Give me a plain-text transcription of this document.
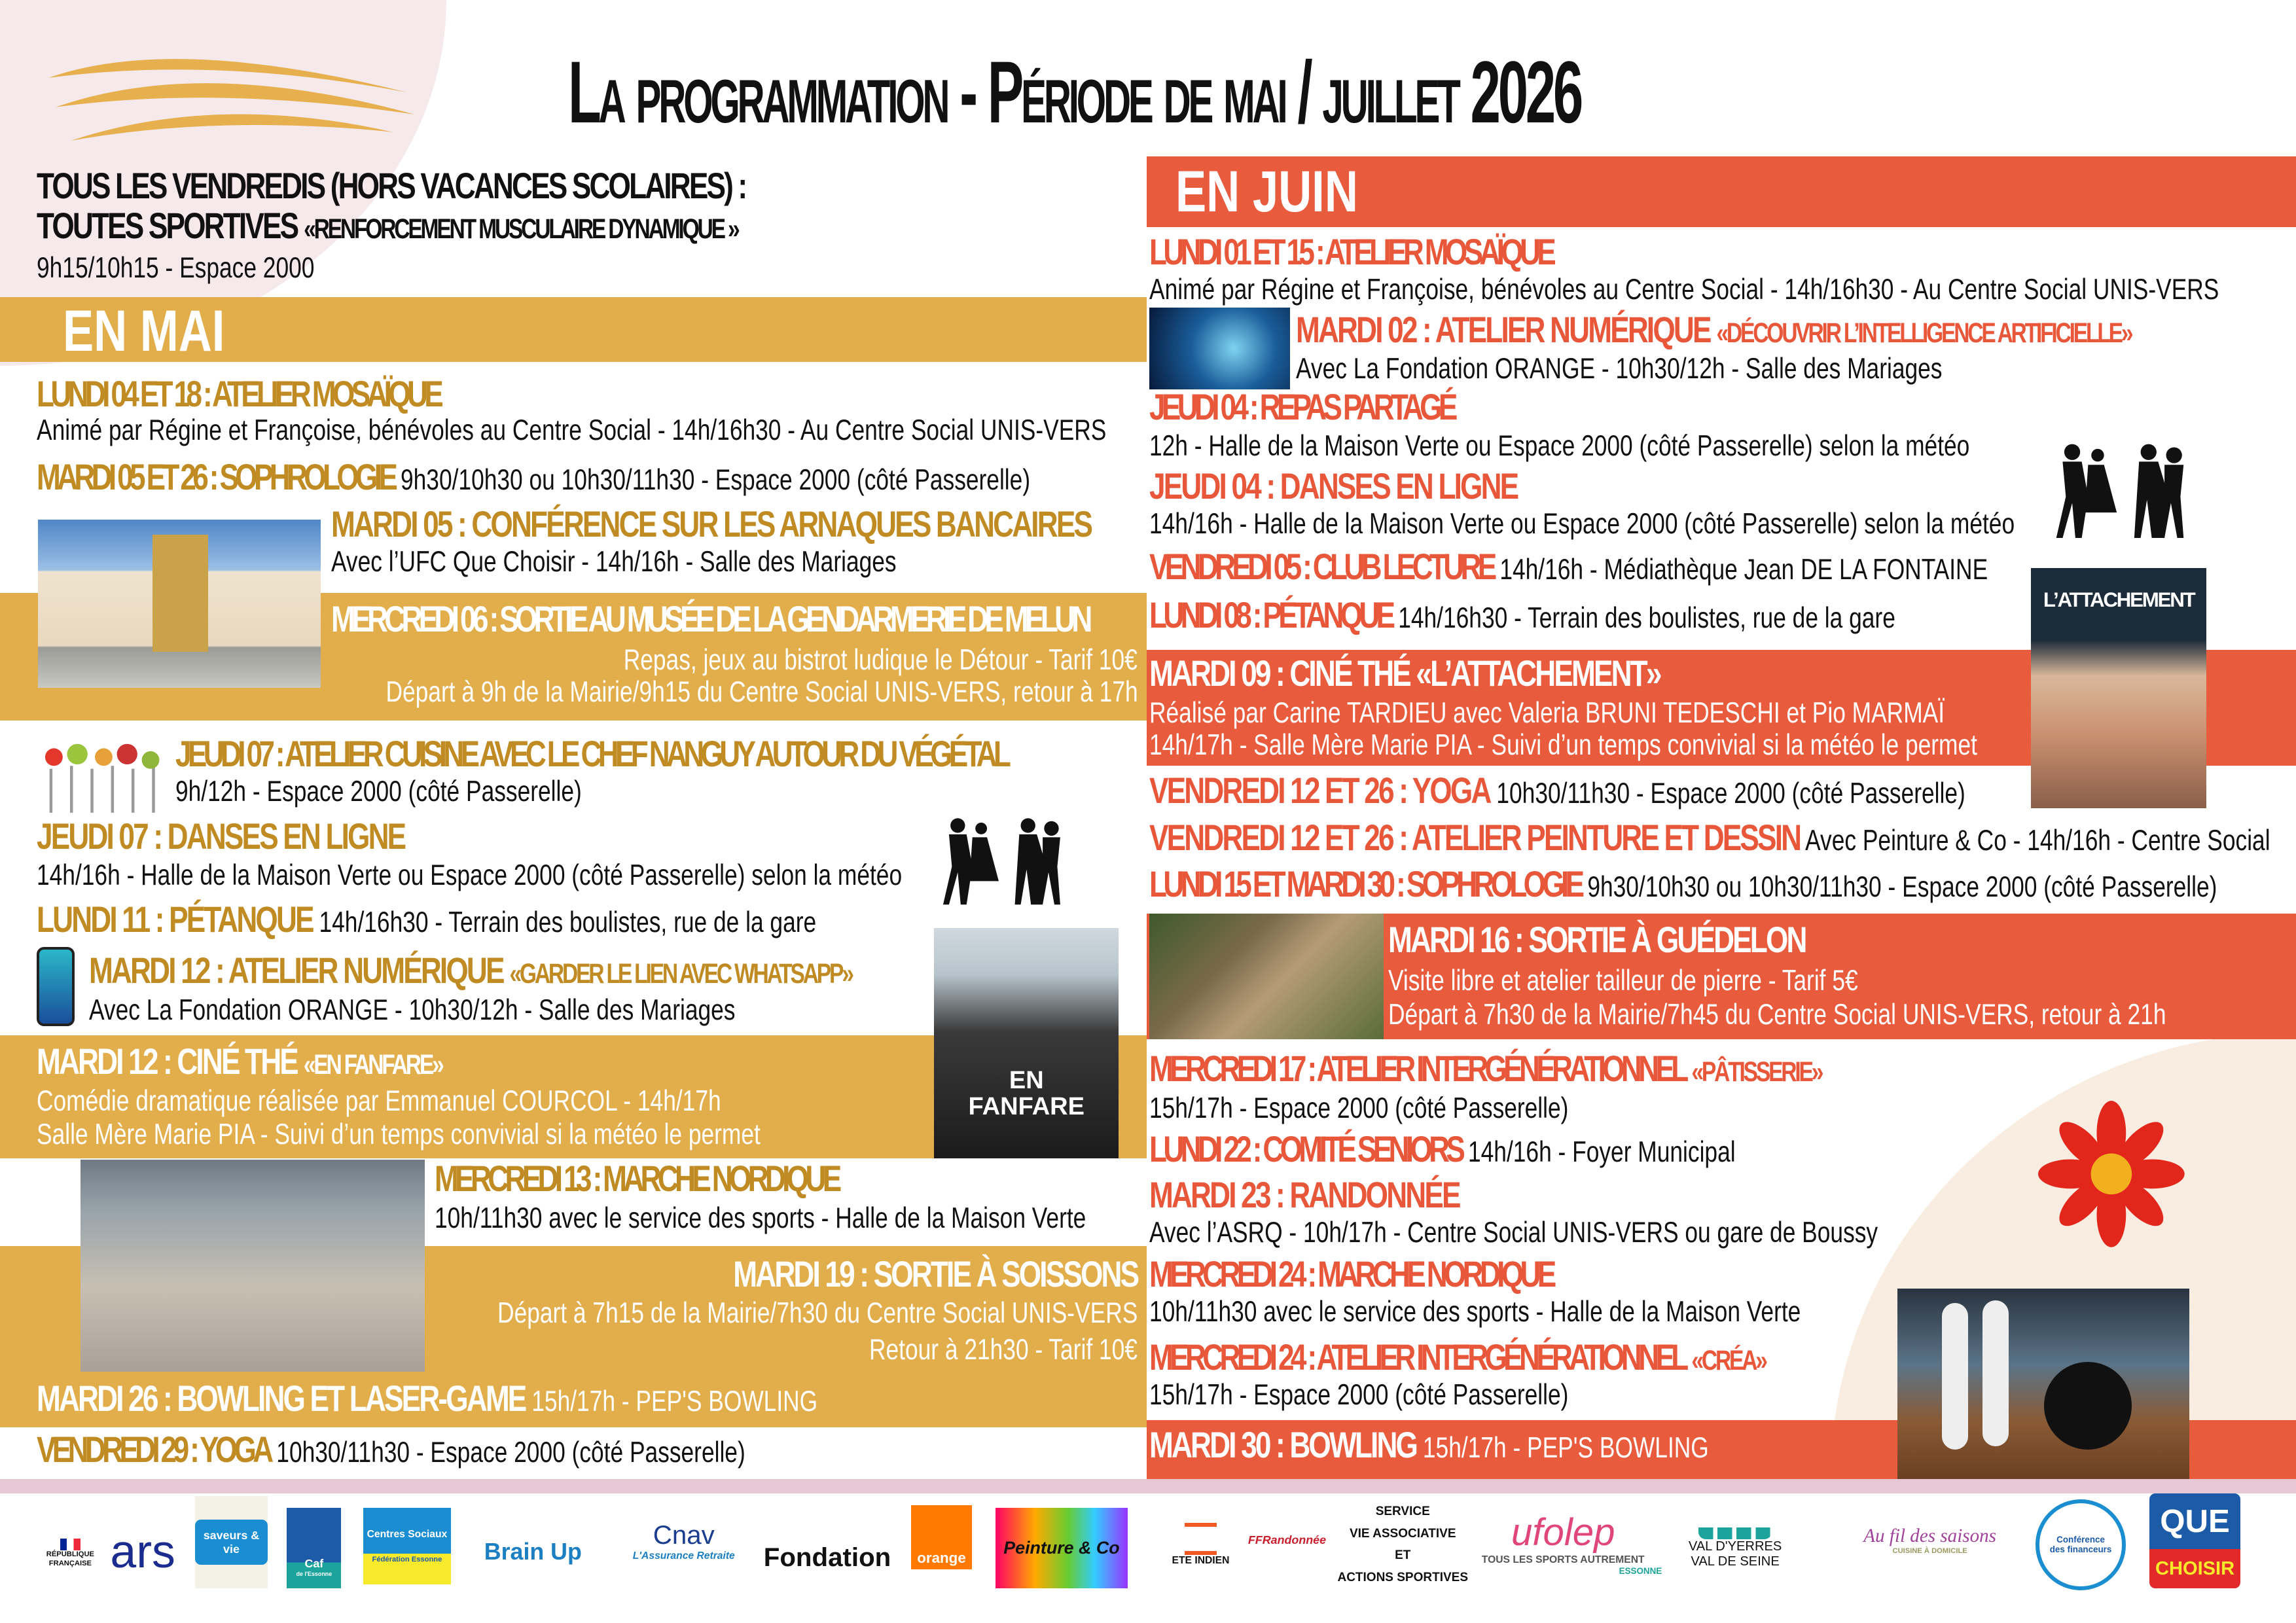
La programmation - Période de mai / juillet 2026
TOUS LES VENDREDIS (HORS VACANCES SCOLAIRES) :
TOUTES SPORTIVES «RENFORCEMENT MUSCULAIRE DYNAMIQUE »
9h15/10h15 - Espace 2000
EN MAI
LUNDI 04 ET 18 : ATELIER MOSAÏQUE
Animé par Régine et Françoise, bénévoles au Centre Social - 14h/16h30 - Au Centre Social UNIS-VERS
MARDI 05 ET 26 : SOPHROLOGIE 9h30/10h30 ou 10h30/11h30 - Espace 2000 (côté Passerelle)
MARDI 05 : CONFÉRENCE SUR LES ARNAQUES BANCAIRES
Avec l’UFC Que Choisir - 14h/16h - Salle des Mariages
MERCREDI 06 : SORTIE AU MUSÉE DE LA GENDARMERIE DE MELUN
Repas, jeux au bistrot ludique le Détour - Tarif 10€
Départ à 9h de la Mairie/9h15 du Centre Social UNIS-VERS, retour à 17h
JEUDI 07 : ATELIER CUISINE AVEC LE CHEF NANGUY AUTOUR DU VÉGÉTAL
9h/12h - Espace 2000 (côté Passerelle)
JEUDI 07 : DANSES EN LIGNE
14h/16h - Halle de la Maison Verte ou Espace 2000 (côté Passerelle) selon la météo
LUNDI 11 : PÉTANQUE 14h/16h30 - Terrain des boulistes, rue de la gare
MARDI 12 : ATELIER NUMÉRIQUE «GARDER LE LIEN AVEC WHATSAPP»
Avec La Fondation ORANGE - 10h30/12h - Salle des Mariages
MARDI 12 : CINÉ THÉ «EN FANFARE»
Comédie dramatique réalisée par Emmanuel COURCOL - 14h/17h
Salle Mère Marie PIA - Suivi d’un temps convivial si la météo le permet
EN
FANFARE
MERCREDI 13 : MARCHE NORDIQUE
10h/11h30 avec le service des sports - Halle de la Maison Verte
MARDI 19 : SORTIE À SOISSONS
Départ à 7h15 de la Mairie/7h30 du Centre Social UNIS-VERS
Retour à 21h30 - Tarif 10€
MARDI 26 : BOWLING ET LASER-GAME 15h/17h - PEP'S BOWLING
VENDREDI 29 : YOGA 10h30/11h30 - Espace 2000 (côté Passerelle)
EN JUIN
LUNDI 01 ET 15 : ATELIER MOSAÏQUE
Animé par Régine et Françoise, bénévoles au Centre Social - 14h/16h30 - Au Centre Social UNIS-VERS
MARDI 02 : ATELIER NUMÉRIQUE «DÉCOUVRIR L’INTELLIGENCE ARTIFICIELLE»
Avec La Fondation ORANGE - 10h30/12h - Salle des Mariages
JEUDI 04 : REPAS PARTAGÉ
12h - Halle de la Maison Verte ou Espace 2000 (côté Passerelle) selon la météo
JEUDI 04 : DANSES EN LIGNE
14h/16h - Halle de la Maison Verte ou Espace 2000 (côté Passerelle) selon la météo
VENDREDI 05 : CLUB LECTURE 14h/16h - Médiathèque Jean DE LA FONTAINE
LUNDI 08 : PÉTANQUE 14h/16h30 - Terrain des boulistes, rue de la gare
MARDI 09 : CINÉ THÉ «L’ATTACHEMENT»
Réalisé par Carine TARDIEU avec Valeria BRUNI TEDESCHI et Pio MARMAÏ
14h/17h - Salle Mère Marie PIA - Suivi d’un temps convivial si la météo le permet
L’ATTACHEMENT
VENDREDI 12 ET 26 : YOGA 10h30/11h30 - Espace 2000 (côté Passerelle)
VENDREDI 12 ET 26 : ATELIER PEINTURE ET DESSIN Avec Peinture & Co - 14h/16h - Centre Social
LUNDI 15 ET MARDI 30 : SOPHROLOGIE 9h30/10h30 ou 10h30/11h30 - Espace 2000 (côté Passerelle)
MARDI 16 : SORTIE À GUÉDELON
Visite libre et atelier tailleur de pierre - Tarif 5€
Départ à 7h30 de la Mairie/7h45 du Centre Social UNIS-VERS, retour à 21h
MERCREDI 17 : ATELIER INTERGÉNÉRATIONNEL «PÂTISSERIE»
15h/17h - Espace 2000 (côté Passerelle)
LUNDI 22 : COMITÉ SENIORS 14h/16h - Foyer Municipal
MARDI 23 : RANDONNÉE
Avec l’ASRQ - 10h/17h - Centre Social UNIS-VERS ou gare de Boussy
MERCREDI 24 : MARCHE NORDIQUE
10h/11h30 avec le service des sports - Halle de la Maison Verte
MERCREDI 24 : ATELIER INTERGÉNÉRATIONNEL «CRÉA»
15h/17h - Espace 2000 (côté Passerelle)
MARDI 30 : BOWLING 15h/17h - PEP'S BOWLING
RÉPUBLIQUE FRANÇAISE ars	saveurs & vie
Caf
de l'Essonne
Centres Sociaux
Fédération Essonne	Brain Up
Cnav
L'Assurance Retraite	Fondation	orange	Peinture & Co
ETE INDIEN
FFRandonnée
SERVICE
VIE ASSOCIATIVE
ET
ACTIONS SPORTIVES
ufolep
TOUS LES SPORTS AUTREMENT
ESSONNE
VAL D'YERRES
VAL DE SEINE
Au fil des saisons
CUISINE À DOMICILE
Conférence des financeurs
QUE
CHOISIR
